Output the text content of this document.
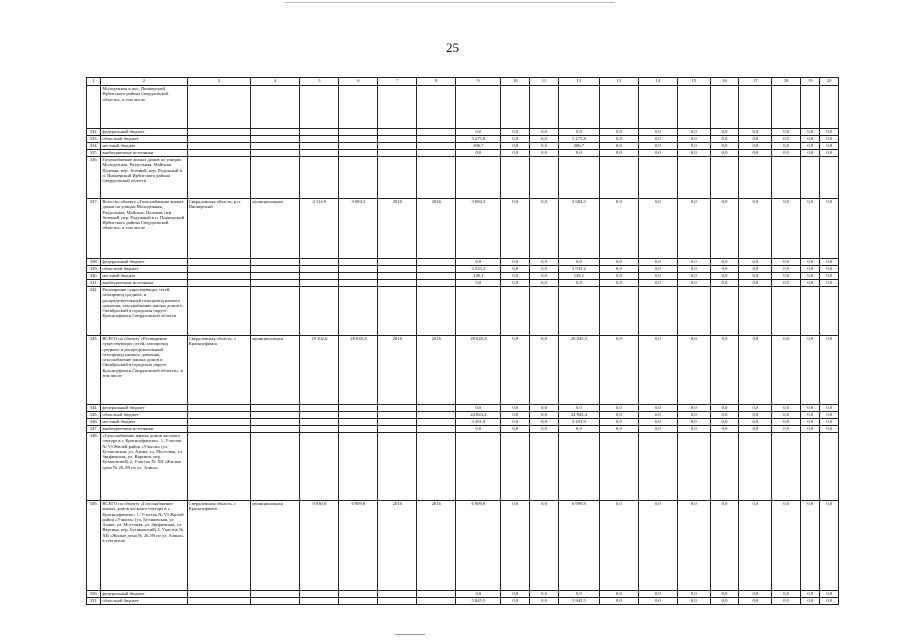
25
1	2	3	4	5	6	7	8	9	10	11	12	13	14	15	16	17	18	19	20
	Молодежная в пос. Пионерский Ирбитского района Свердловской области», в том числе																		
332.	федеральный бюджет							0,0	0,0	0,0	0,0	0,0	0,0	0,0	0,0	0,0	0,0	0,0	0,0
333.	областной бюджет							5 275,8	0,0	0,0	5 275,8	0,0	0,0	0,0	0,0	0,0	0,0	0,0	0,0
334.	местный бюджет							206,7	0,0	0,0	206,7	0,0	0,0	0,0	0,0	0,0	0,0	0,0	0,0
335.	внебюджетные источники							0,0	0,0	0,0	0,0	0,0	0,0	0,0	0,0	0,0	0,0	0,0	0,0
336.	Газоснабжение жилых домов по улицам Молодежная, Раздольная, Майская, Полевая, пер. Зеленый, пер. Радужный в п. Пионерский Ирбитского района Свердловской области																		
337.	Всего по объекту «Газоснабжение жилых домов по улицам Молодежная, Раздольная, Майская, Полевая, пер. Зеленый, пер. Радужный в п. Пионерский Ирбитского района Свердловской области», в том числе	Свердловская область, р.п. Пионерский	муниципальная	4 114,9	3 684,3	2016	2016	3 684,3	0,0	0,0	3 684,3	0,0	0,0	0,0	0,0	0,0	0,0	0,0	0,0
338.	федеральный бюджет							0,0	0,0	0,0	0,0	0,0	0,0	0,0	0,0	0,0	0,0	0,0	0,0
339.	областной бюджет							3 535,2	0,0	0,0	3 535,2	0,0	0,0	0,0	0,0	0,0	0,0	0,0	0,0
340.	местный бюджет							149,1	0,0	0,0	149,1	0,0	0,0	0,0	0,0	0,0	0,0	0,0	0,0
341.	внебюджетные источники							0,0	0,0	0,0	0,0	0,0	0,0	0,0	0,0	0,0	0,0	0,0	0,0
342.	Расширение существующих сетей, газопровод среднего и распределительный газопровод низкого давления, газоснабжение жилых домов п. Октябрьский в городском округе Красноуфимск Свердловской области																		
343.	ВСЕГО по объекту «Расширение существующих сетей, газопровод среднего и распределительный газопровод низкого давления, газоснабжение жилых домов п. Октябрьский в городском округе Красноуфимск Свердловской области», в том числе	Свердловская область, г. Красноуфимск	муниципальная	25 102,6	28 045,3	2016	2016	28 045,3	0,0	0,0	28 045,3	0,0	0,0	0,0	0,0	0,0	0,0	0,0	0,0
344.	федеральный бюджет							0,0	0,0	0,0	0,0	0,0	0,0	0,0	0,0	0,0	0,0	0,0	0,0
345.	областной бюджет							24 843,4	0,0	0,0	24 843,4	0,0	0,0	0,0	0,0	0,0	0,0	0,0	0,0
346.	местный бюджет							3 201,9	0,0	0,0	3 201,9	0,0	0,0	0,0	0,0	0,0	0,0	0,0	0,0
347.	внебюджетные источники							0,0	0,0	0,0	0,0	0,0	0,0	0,0	0,0	0,0	0,0	0,0	0,0
348.	«Газоснабжение жилых домов частного сектора в г. Красноуфимске». 1. Участок № VI Жилой район «Учколь» (ул. Бутаковская, ул. Азина, ул. Мостовая, ул. Звуфимская, ул. Варгина, пер. Бутаковский) 2. Участок № XII «Жилые дома № 26–89 по ул. Азина»																		
349.	ВСЕГО по объекту «Газоснабжение жилых домов частного сектора в г. Красноуфимске» 1. Участок № VI Жилой район «Учколь» (ул. Бутаковская, ул. Азина, ул. Мостовая, ул. Звуфимская, ул. Варгина, пер. Бутаковский) 2. Участок № XII «Жилые дома № 26–89 по ул. Азина», в том числе	Свердловская область, г. Красноуфимск	муниципальная	9 830,0	6 909,8	2016	2016	6 909,8	0,0	0,0	6 909,8	0,0	0,0	0,0	0,0	0,0	0,0	0,0	0,0
350.	федеральный бюджет							0,0	0,0	0,0	0,0	0,0	0,0	0,0	0,0	0,0	0,0	0,0	0,0
351.	областной бюджет							5 845,5	0,0	0,0	5 845,5	0,0	0,0	0,0	0,0	0,0	0,0	0,0	0,0
